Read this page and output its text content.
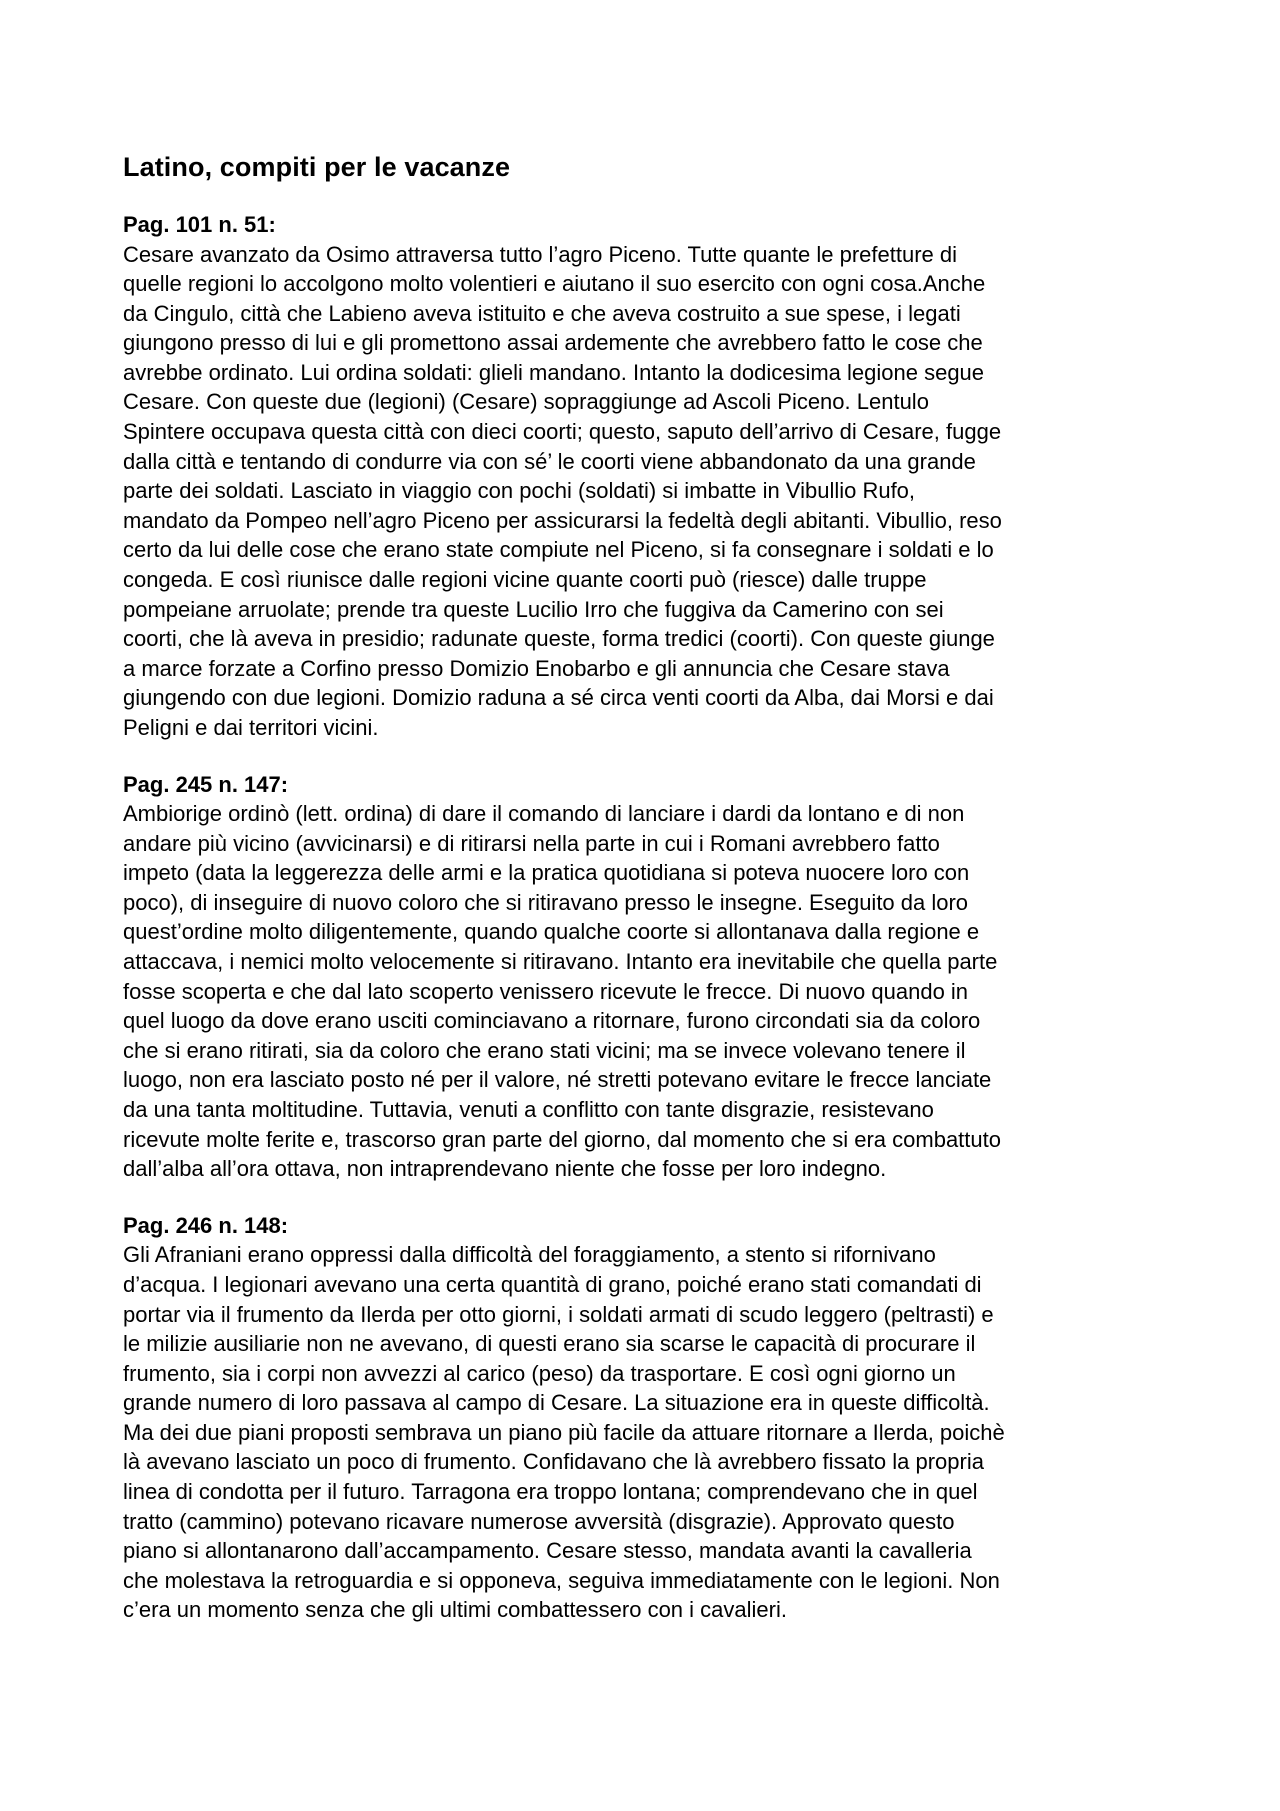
Latino, compiti per le vacanze
Pag. 101 n. 51:
Cesare avanzato da Osimo attraversa tutto l’agro Piceno. Tutte quante le prefetture di
quelle regioni lo accolgono molto volentieri e aiutano il suo esercito con ogni cosa.Anche
da Cingulo, città che Labieno aveva istituito e che aveva costruito a sue spese, i legati
giungono presso di lui e gli promettono assai ardemente che avrebbero fatto le cose che
avrebbe ordinato. Lui ordina soldati: glieli mandano. Intanto la dodicesima legione segue
Cesare. Con queste due (legioni) (Cesare) sopraggiunge ad Ascoli Piceno. Lentulo
Spintere occupava questa città con dieci coorti; questo, saputo dell’arrivo di Cesare, fugge
dalla città e tentando di condurre via con sé’ le coorti viene abbandonato da una grande
parte dei soldati. Lasciato in viaggio con pochi (soldati) si imbatte in Vibullio Rufo,
mandato da Pompeo nell’agro Piceno per assicurarsi la fedeltà degli abitanti. Vibullio, reso
certo da lui delle cose che erano state compiute nel Piceno, si fa consegnare i soldati e lo
congeda. E così riunisce dalle regioni vicine quante coorti può (riesce) dalle truppe
pompeiane arruolate; prende tra queste Lucilio Irro che fuggiva da Camerino con sei
coorti, che là aveva in presidio; radunate queste, forma tredici (coorti). Con queste giunge
a marce forzate a Corfino presso Domizio Enobarbo e gli annuncia che Cesare stava
giungendo con due legioni. Domizio raduna a sé circa venti coorti da Alba, dai Morsi e dai
Peligni e dai territori vicini.
Pag. 245 n. 147:
Ambiorige ordinò (lett. ordina) di dare il comando di lanciare i dardi da lontano e di non
andare più vicino (avvicinarsi) e di ritirarsi nella parte in cui i Romani avrebbero fatto
impeto (data la leggerezza delle armi e la pratica quotidiana si poteva nuocere loro con
poco), di inseguire di nuovo coloro che si ritiravano presso le insegne. Eseguito da loro
quest’ordine molto diligentemente, quando qualche coorte si allontanava dalla regione e
attaccava, i nemici molto velocemente si ritiravano. Intanto era inevitabile che quella parte
fosse scoperta e che dal lato scoperto venissero ricevute le frecce. Di nuovo quando in
quel luogo da dove erano usciti cominciavano a ritornare, furono circondati sia da coloro
che si erano ritirati, sia da coloro che erano stati vicini; ma se invece volevano tenere il
luogo, non era lasciato posto né per il valore, né stretti potevano evitare le frecce lanciate
da una tanta moltitudine. Tuttavia, venuti a conflitto con tante disgrazie, resistevano
ricevute molte ferite e, trascorso gran parte del giorno, dal momento che si era combattuto
dall’alba all’ora ottava, non intraprendevano niente che fosse per loro indegno.
Pag. 246 n. 148:
Gli Afraniani erano oppressi dalla difficoltà del foraggiamento, a stento si rifornivano
d’acqua. I legionari avevano una certa quantità di grano, poiché erano stati comandati di
portar via il frumento da Ilerda per otto giorni, i soldati armati di scudo leggero (peltrasti) e
le milizie ausiliarie non ne avevano, di questi erano sia scarse le capacità di procurare il
frumento, sia i corpi non avvezzi al carico (peso) da trasportare. E così ogni giorno un
grande numero di loro passava al campo di Cesare. La situazione era in queste difficoltà.
Ma dei due piani proposti sembrava un piano più facile da attuare ritornare a Ilerda, poichè
là avevano lasciato un poco di frumento. Confidavano che là avrebbero fissato la propria
linea di condotta per il futuro. Tarragona era troppo lontana; comprendevano che in quel
tratto (cammino) potevano ricavare numerose avversità (disgrazie). Approvato questo
piano si allontanarono dall’accampamento. Cesare stesso, mandata avanti la cavalleria
che molestava la retroguardia e si opponeva, seguiva immediatamente con le legioni. Non
c’era un momento senza che gli ultimi combattessero con i cavalieri.
